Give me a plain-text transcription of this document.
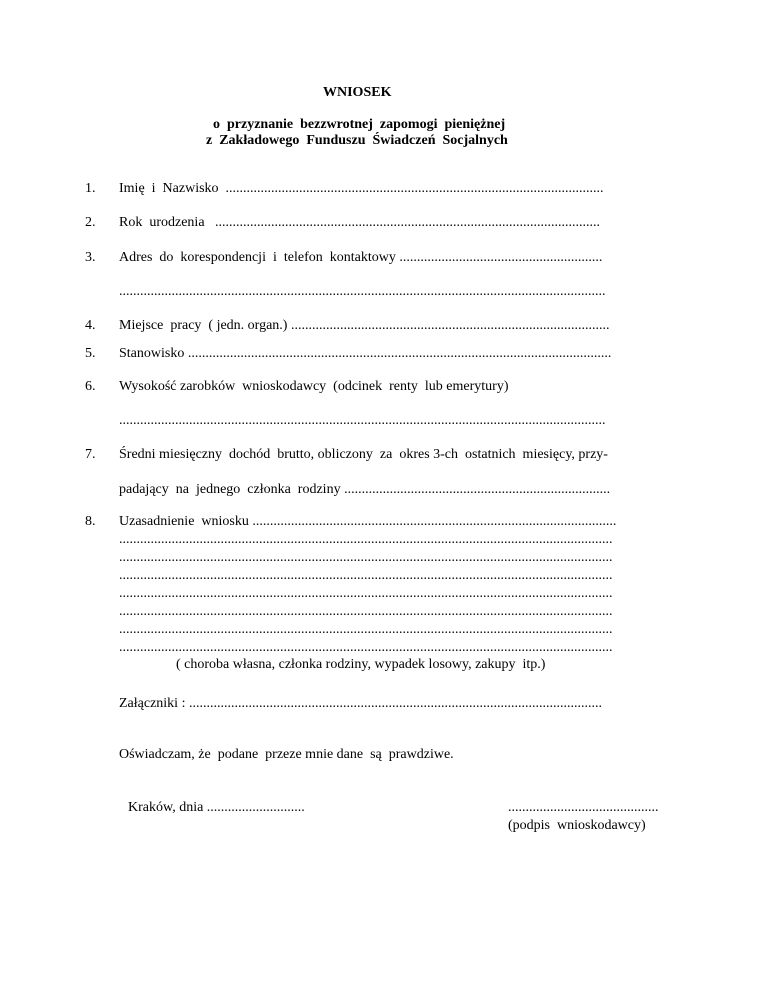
WNIOSEK
o  przyznanie  bezzwrotnej  zapomogi  pieniężnej
z  Zakładowego  Funduszu  Świadczeń  Socjalnych
1. Imię  i  Nazwisko  ............................................................................................................
2. Rok  urodzenia   ..............................................................................................................
3. Adres  do  korespondencji  i  telefon  kontaktowy ..........................................................
...........................................................................................................................................
4. Miejsce  pracy  ( jedn. organ.) ...........................................................................................
5. Stanowisko .........................................................................................................................
6. Wysokość zarobków  wnioskodawcy  (odcinek  renty  lub emerytury)
...........................................................................................................................................
7. Średni miesięczny  dochód  brutto, obliczony  za  okres 3-ch  ostatnich  miesięcy, przy-
padający  na  jednego  członka  rodziny ............................................................................
8. Uzasadnienie  wniosku ........................................................................................................
.............................................................................................................................................
.............................................................................................................................................
.............................................................................................................................................
.............................................................................................................................................
.............................................................................................................................................
.............................................................................................................................................
.............................................................................................................................................
( choroba własna, członka rodziny, wypadek losowy, zakupy  itp.)
Załączniki : ......................................................................................................................
Oświadczam, że  podane  przeze mnie dane  są  prawdziwe.
Kraków, dnia ............................	...........................................
(podpis  wnioskodawcy)
